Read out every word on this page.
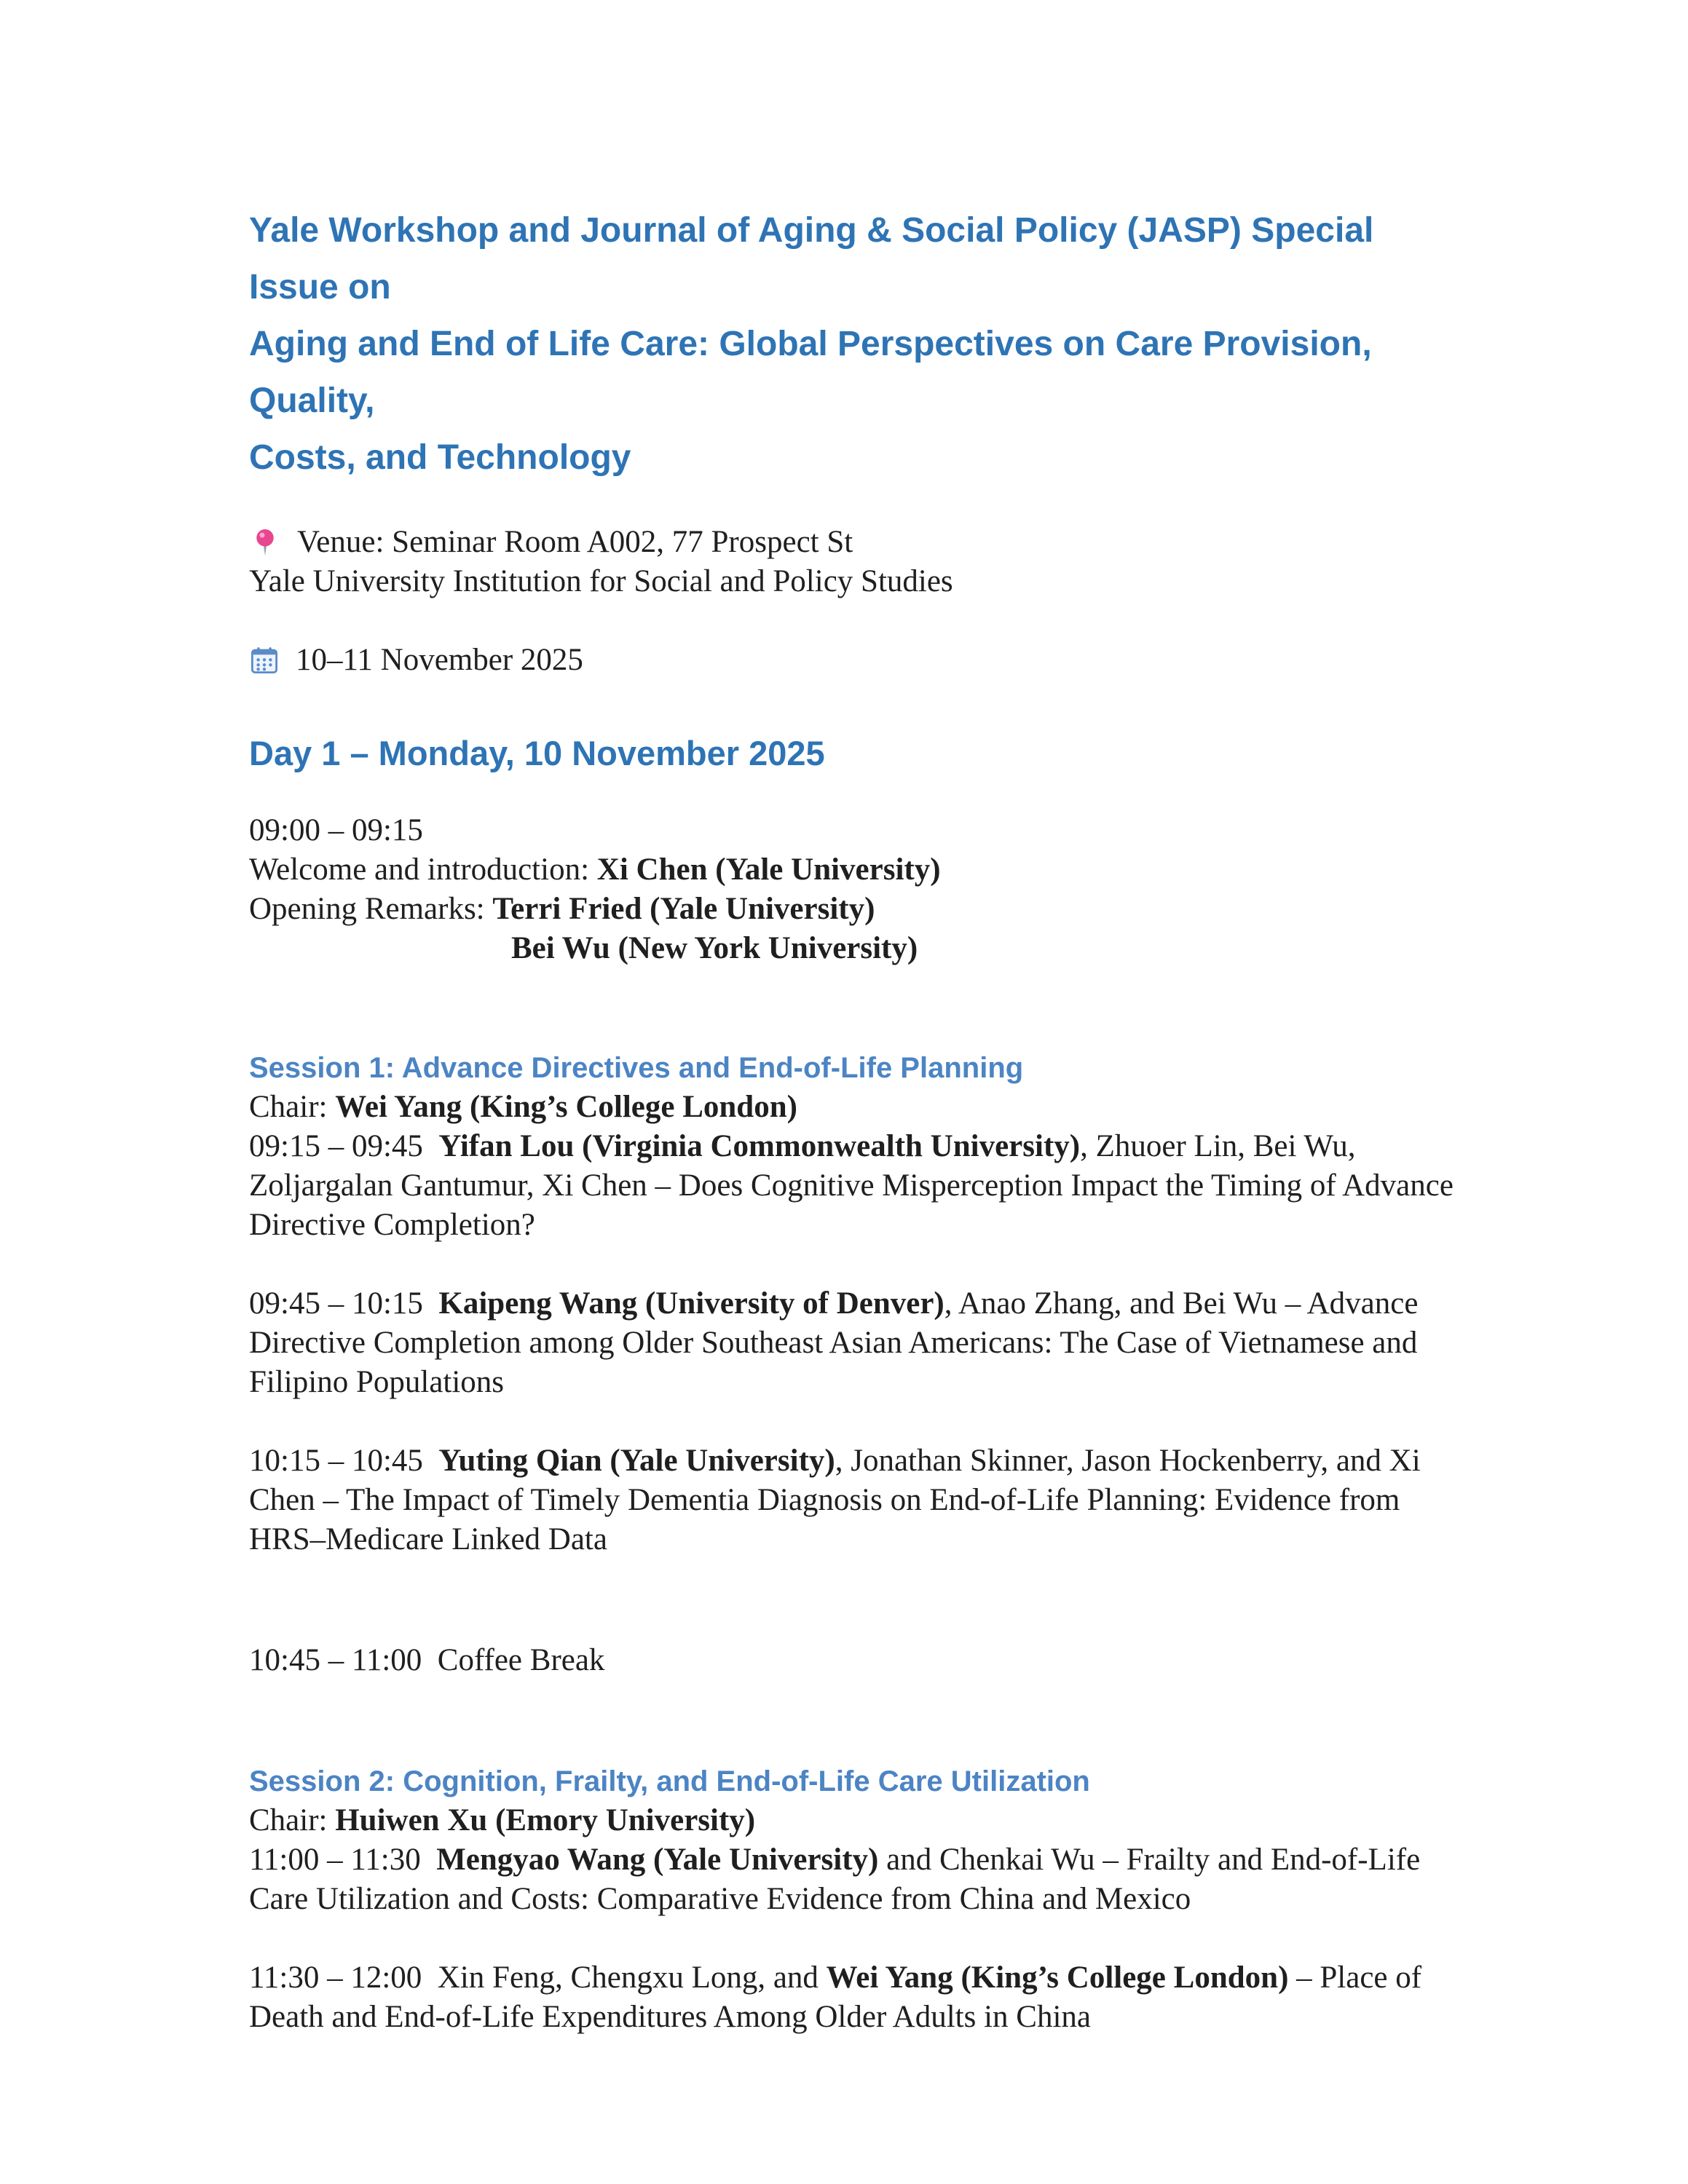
Yale Workshop and Journal of Aging & Social Policy (JASP) Special Issue on
Aging and End of Life Care: Global Perspectives on Care Provision, Quality,
Costs, and Technology

Venue: Seminar Room A002, 77 Prospect St

Yale University Institution for Social and Policy Studies

10–11 November 2025

Day 1 – Monday, 10 November 2025

09:00 – 09:15

Welcome and introduction: Xi Chen (Yale University)

Opening Remarks: Terri Fried (Yale University)

Bei Wu (New York University)

Session 1: Advance Directives and End-of-Life Planning

Chair: Wei Yang (King’s College London)

09:15 – 09:45  Yifan Lou (Virginia Commonwealth University), Zhuoer Lin, Bei Wu, Zoljargalan Gantumur, Xi Chen – Does Cognitive Misperception Impact the Timing of Advance Directive Completion?

09:45 – 10:15  Kaipeng Wang (University of Denver), Anao Zhang, and Bei Wu – Advance Directive Completion among Older Southeast Asian Americans: The Case of Vietnamese and Filipino Populations

10:15 – 10:45  Yuting Qian (Yale University), Jonathan Skinner, Jason Hockenberry, and Xi Chen – The Impact of Timely Dementia Diagnosis on End-of-Life Planning: Evidence from HRS–Medicare Linked Data

10:45 – 11:00  Coffee Break

Session 2: Cognition, Frailty, and End-of-Life Care Utilization

Chair: Huiwen Xu (Emory University)

11:00 – 11:30  Mengyao Wang (Yale University) and Chenkai Wu – Frailty and End-of-Life Care Utilization and Costs: Comparative Evidence from China and Mexico

11:30 – 12:00  Xin Feng, Chengxu Long, and Wei Yang (King’s College London) – Place of Death and End-of-Life Expenditures Among Older Adults in China
